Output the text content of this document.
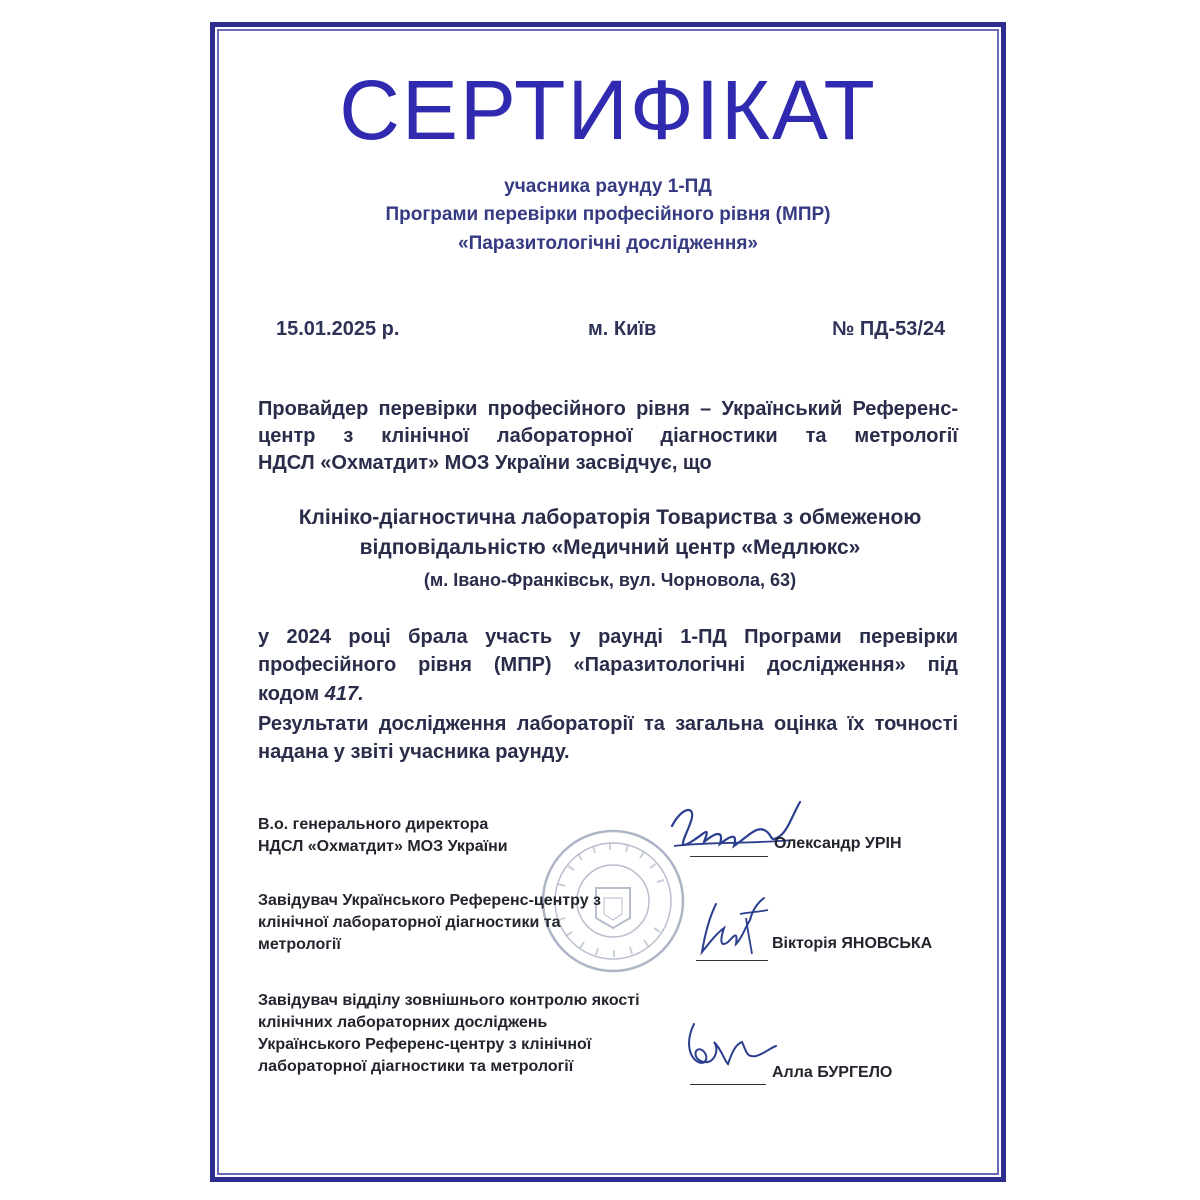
СЕРТИФІКАТ
учасника раунду 1-ПД
Програми перевірки професійного рівня (МПР)
«Паразитологічні дослідження»
15.01.2025 р.	м. Київ	№ ПД-53/24
Провайдер перевірки професійного рівня – Український Референс-
центр з клінічної лабораторної діагностики та метрології
НДСЛ «Охматдит» МОЗ України засвідчує, що
Клініко-діагностична лабораторія Товариства з обмеженою
відповідальністю «Медичний центр «Медлюкс»
(м. Івано-Франківськ, вул. Чорновола, 63)
у 2024 році брала участь у раунді 1-ПД Програми перевірки
професійного рівня (МПР) «Паразитологічні дослідження» під
кодом 417.
Результати дослідження лабораторії та загальна оцінка їх точності
надана у звіті учасника раунду.
В.о. генерального директора
НДСЛ «Охматдит» МОЗ України	Олександр УРІН
Завідувач Українського Референс-центру з
клінічної лабораторної діагностики та
метрології	Вікторія ЯНОВСЬКА
Завідувач відділу зовнішнього контролю якості
клінічних лабораторних досліджень
Українського Референс-центру з клінічної
лабораторної діагностики та метрології	Алла БУРГЕЛО
